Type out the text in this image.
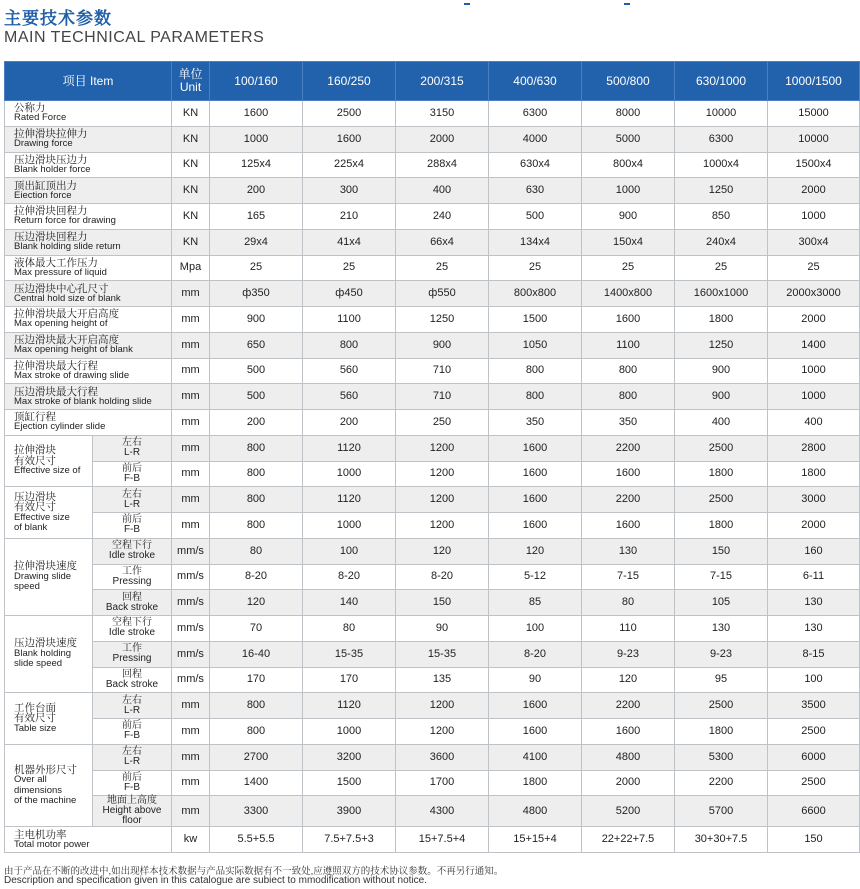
主要技术参数
MAIN TECHNICAL PARAMETERS
项目 Item		单位
Unit	100/160	160/250	200/315	400/630	500/800	630/1000	1000/1500

公称力
Rated Force		KN	1600	2500	3150	6300	8000	10000	15000

拉伸滑块拉伸力
Drawing force		KN	1000	1600	2000	4000	5000	6300	10000

压边滑块压边力
Blank holder force		KN	125x4	225x4	288x4	630x4	800x4	1000x4	1500x4

顶出缸顶出力
Eiection force		KN	200	300	400	630	1000	1250	2000

拉伸滑块回程力
Return force for drawing		KN	165	210	240	500	900	850	1000

压边滑块回程力
Blank holding slide return		KN	29x4	41x4	66x4	134x4	150x4	240x4	300x4

液体最大工作压力
Max pressure of liquid		Mpa	25	25	25	25	25	25	25

压边滑块中心孔尺寸
Central hold size of blank		mm	ф350	ф450	ф550	800x800	1400x800	1600x1000	2000x3000

拉伸滑块最大开启高度
Max opening height of		mm	900	1100	1250	1500	1600	1800	2000

压边滑块最大开启高度
Max opening height of blank		mm	650	800	900	1050	1100	1250	1400

拉伸滑块最大行程
Max stroke of drawing slide		mm	500	560	710	800	800	900	1000

压边滑块最大行程
Max stroke of blank holding slide		mm	500	560	710	800	800	900	1000

顶缸行程
Ejection cylinder slide		mm	200	200	250	350	350	400	400

拉伸滑块
有效尺寸
Effective size of	左右
L-R	mm	800	1120	1200	1600	2200	2500	2800

	前后
F-B	mm	800	1000	1200	1600	1600	1800	1800

压边滑块
有效尺寸
Effective size
of blank	左右
L-R	mm	800	1120	1200	1600	2200	2500	3000

	前后
F-B	mm	800	1000	1200	1600	1600	1800	2000

拉伸滑块速度
Drawing slide
speed	空程下行
Idle stroke	mm/s	80	100	120	120	130	150	160

	工作
Pressing	mm/s	8-20	8-20	8-20	5-12	7-15	7-15	6-11

	回程
Back stroke	mm/s	120	140	150	85	80	105	130

压边滑块速度
Blank holding
slide speed	空程下行
Idle stroke	mm/s	70	80	90	100	110	130	130

	工作
Pressing	mm/s	16-40	15-35	15-35	8-20	9-23	9-23	8-15

	回程
Back stroke	mm/s	170	170	135	90	120	95	100

工作台面
有效尺寸
Table size	左右
L-R	mm	800	1120	1200	1600	2200	2500	3500

	前后
F-B	mm	800	1000	1200	1600	1600	1800	2500

机器外形尺寸
Over all dimensions
of the machine	左右
L-R	mm	2700	3200	3600	4100	4800	5300	6000

	前后
F-B	mm	1400	1500	1700	1800	2000	2200	2500

	地面上高度
Height above floor	mm	3300	3900	4300	4800	5200	5700	6600

主电机功率
Total motor power		kw	5.5+5.5	7.5+7.5+3	15+7.5+4	15+15+4	22+22+7.5	30+30+7.5	150
由于产品在不断的改进中,如出现样本技术数据与产品实际数据有不一致处,应遵照双方的技术协议参数。不再另行通知。
Description and specification given in this catalogue are subiect to mmodification without notice.
